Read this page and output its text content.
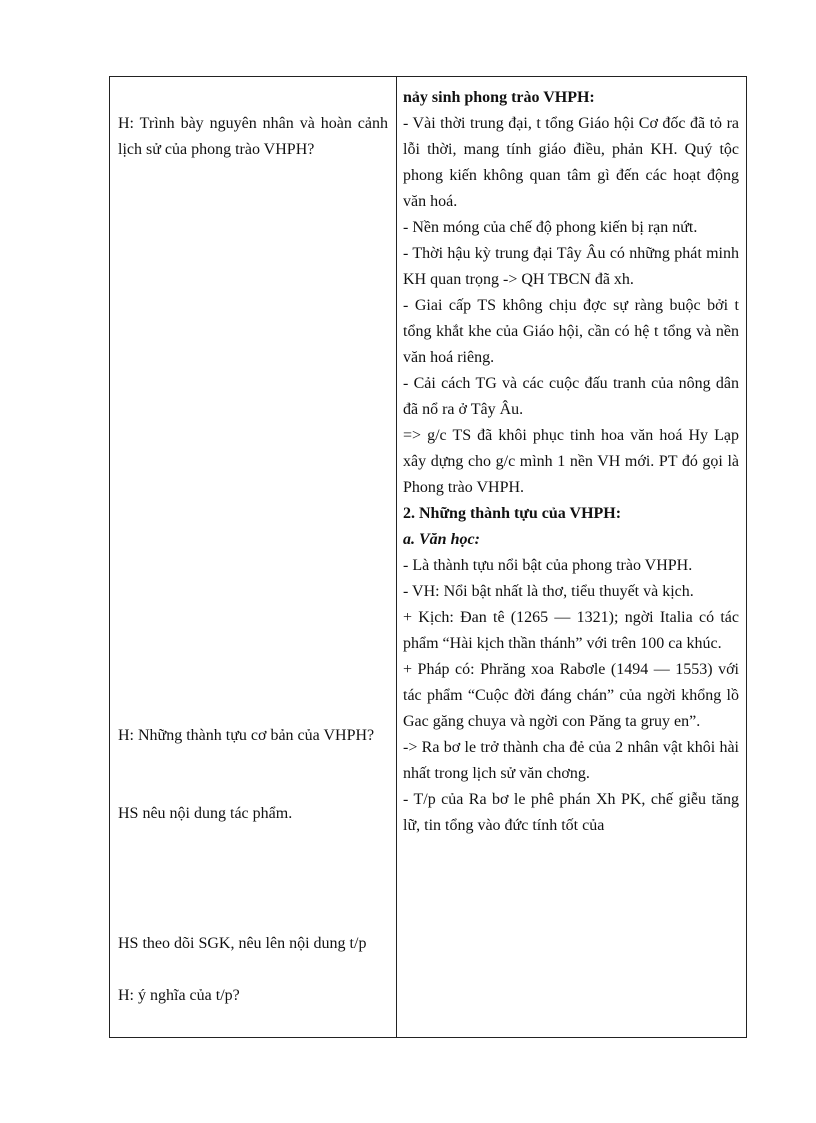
H: Trình bày nguyên nhân và hoàn cảnh lịch sử của phong trào VHPH?

H: Những thành tựu cơ bản của VHPH?

HS nêu nội dung tác phẩm.

HS theo dõi SGK, nêu lên nội dung t/p

H: ý nghĩa của t/p?

nảy sinh phong trào VHPH:

- Vài thời trung đại, t tổng Giáo hội Cơ đốc đã tỏ ra lỗi thời, mang tính giáo điều, phản KH. Quý tộc phong kiến không quan tâm gì đến các hoạt động văn hoá.

- Nền móng của chế độ phong kiến bị rạn nứt.

- Thời hậu kỳ trung đại Tây Âu có những phát minh KH quan trọng -> QH TBCN đã xh.

- Giai cấp TS không chịu đợc sự ràng buộc bởi t tổng khắt khe của Giáo hội, cần có hệ t tổng và nền văn hoá riêng.

- Cải cách TG và các cuộc đấu tranh của nông dân đã nổ ra ở Tây Âu.

=> g/c TS đã khôi phục tinh hoa văn hoá Hy Lạp xây dựng cho g/c mình 1 nền VH mới. PT đó gọi là Phong trào VHPH.

2. Những thành tựu của VHPH:

a. Văn học:

- Là thành tựu nổi bật của phong trào VHPH.

- VH: Nổi bật nhất là thơ, tiểu thuyết và kịch.

+ Kịch: Đan tê (1265 — 1321); ngời Italia có tác phẩm “Hài kịch thần thánh” với trên 100 ca khúc.

+ Pháp có: Phrăng xoa Rabơle (1494 — 1553) với tác phẩm “Cuộc đời đáng chán” của ngời khổng lồ Gac găng chuya và ngời con Păng ta gruy en”.

-> Ra bơ le trở thành cha đẻ của 2 nhân vật khôi hài nhất trong lịch sử văn chơng.

- T/p của Ra bơ le phê phán Xh PK, chế giễu tăng lữ, tin tổng vào đức tính tốt của
